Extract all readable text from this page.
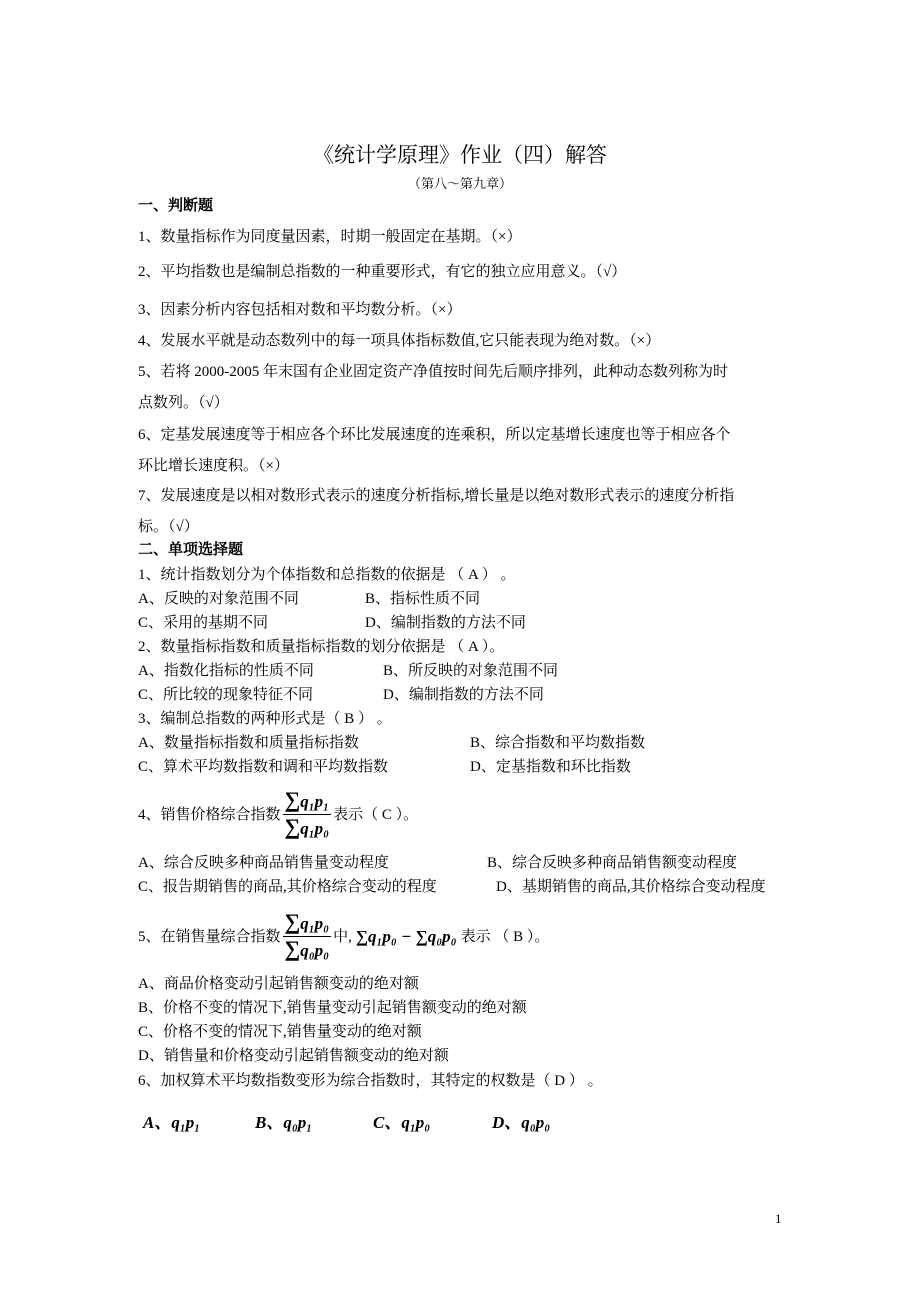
《统计学原理》作业（四）解答
（第八～第九章）
一、判断题
1、数量指标作为同度量因素，时期一般固定在基期。（×）
2、平均指数也是编制总指数的一种重要形式，有它的独立应用意义。（√）
3、因素分析内容包括相对数和平均数分析。（×）
4、发展水平就是动态数列中的每一项具体指标数值,它只能表现为绝对数。（×）
5、若将 2000-2005 年末国有企业固定资产净值按时间先后顺序排列，此种动态数列称为时
点数列。（√）
6、定基发展速度等于相应各个环比发展速度的连乘积，所以定基增长速度也等于相应各个
环比增长速度积。（×）
7、发展速度是以相对数形式表示的速度分析指标,增长量是以绝对数形式表示的速度分析指
标。（√）
二、单项选择题
1、统计指数划分为个体指数和总指数的依据是 （ A ） 。
A、反映的对象范围不同	B、指标性质不同
C、采用的基期不同	D、编制指数的方法不同
2、数量指标指数和质量指标指数的划分依据是 （ A ）。
A、指数化指标的性质不同	B、所反映的对象范围不同
C、所比较的现象特征不同	D、编制指数的方法不同
3、编制总指数的两种形式是（ B ） 。
A、数量指标指数和质量指标指数	B、综合指数和平均数指数
C、算术平均数指数和调和平均数指数	D、定基指数和环比指数
4、销售价格综合指数 $\frac{\text{∑q₁p₁}}{\text{∑q₁p₀}}$ 表示（ C ）。
A、综合反映多种商品销售量变动程度	B、综合反映多种商品销售额变动程度
C、报告期销售的商品,其价格综合变动的程度	D、基期销售的商品,其价格综合变动程度
5、在销售量综合指数 $\frac{\text{∑q₁p₀}}{\text{∑q₀p₀}}$ 中, ∑q₁p₀ − ∑q₀p₀ 表示 （ B ）。
A、商品价格变动引起销售额变动的绝对额
B、价格不变的情况下,销售量变动引起销售额变动的绝对额
C、价格不变的情况下,销售量变动的绝对额
D、销售量和价格变动引起销售额变动的绝对额
6、加权算术平均数指数变形为综合指数时，其特定的权数是（ D ） 。
A、q₁p₁	B、q₀p₁	C、q₁p₀	D、q₀p₀
1
